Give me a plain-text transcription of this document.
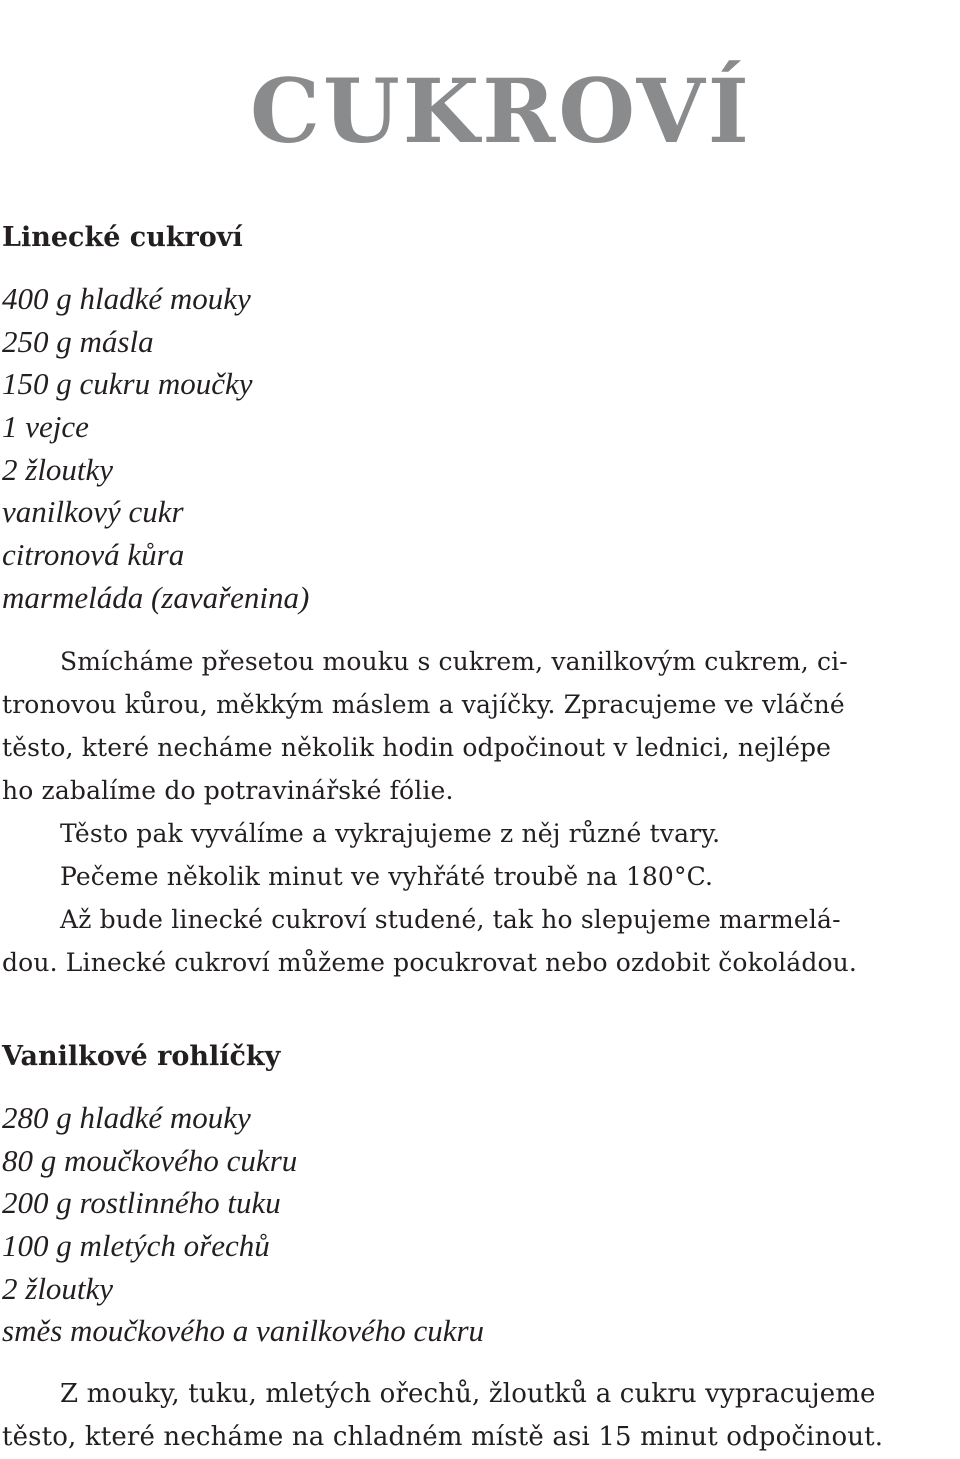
CUKROVÍ
Linecké cukroví
400 g hladké mouky
250 g másla
150 g cukru moučky
1 vejce
2 žloutky
vanilkový cukr
citronová kůra
marmeláda (zavařenina)
Smícháme přesetou mouku s cukrem, vanilkovým cukrem, ci-
tronovou kůrou, měkkým máslem a vajíčky. Zpracujeme ve vláčné
těsto, které necháme několik hodin odpočinout v lednici, nejlépe
ho zabalíme do potravinářské fólie.
Těsto pak vyválíme a vykrajujeme z něj různé tvary.
Pečeme několik minut ve vyhřáté troubě na 180°C.
Až bude linecké cukroví studené, tak ho slepujeme marmelá-
dou. Linecké cukroví můžeme pocukrovat nebo ozdobit čokoládou.
Vanilkové rohlíčky
280 g hladké mouky
80 g moučkového cukru
200 g rostlinného tuku
100 g mletých ořechů
2 žloutky
směs moučkového a vanilkového cukru
Z mouky, tuku, mletých ořechů, žloutků a cukru vypracujeme
těsto, které necháme na chladném místě asi 15 minut odpočinout.
